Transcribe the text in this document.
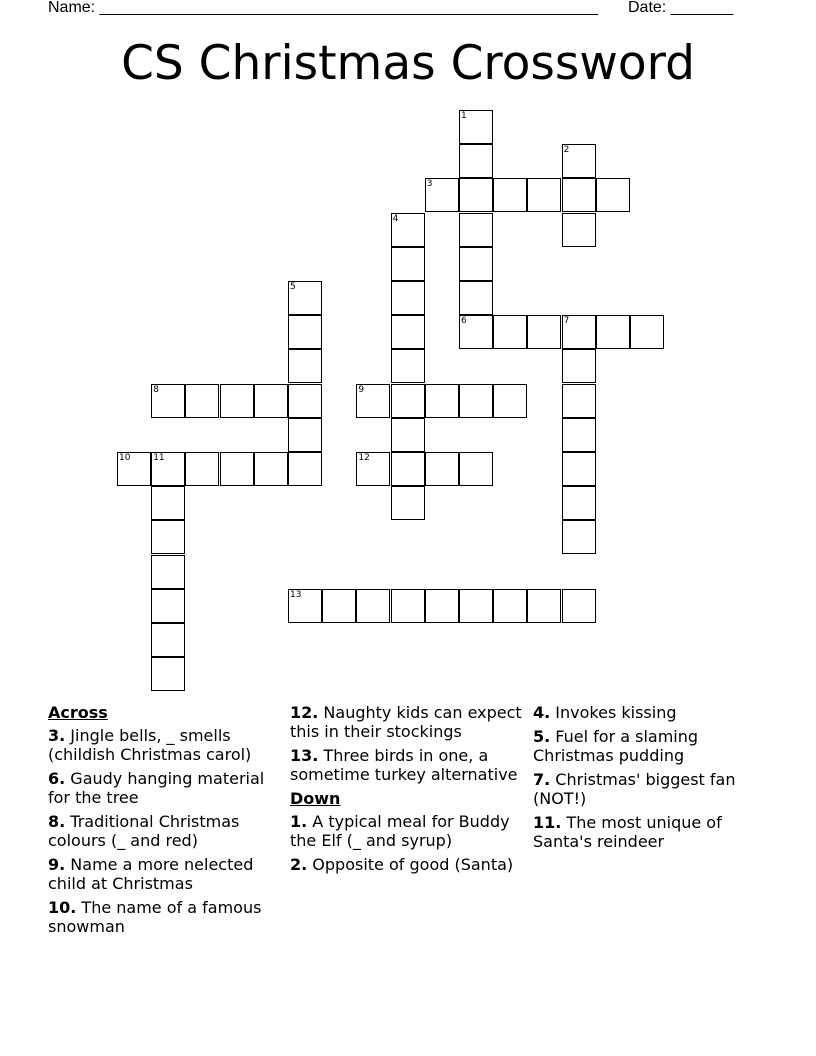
Name: ________________________________________________________ Date: _______
CS Christmas Crossword
1
2
3
4
5
6	7
8	9
10	11	12
13
Across
3. Jingle bells, _ smells (childish Christmas carol)
6. Gaudy hanging material for the tree
8. Traditional Christmas colours (_ and red)
9. Name a more nelected child at Christmas
10. The name of a famous snowman
12. Naughty kids can expect this in their stockings
13. Three birds in one, a sometime turkey alternative
Down
1. A typical meal for Buddy the Elf (_ and syrup)
2. Opposite of good (Santa)
4. Invokes kissing
5. Fuel for a slaming Christmas pudding
7. Christmas' biggest fan (NOT!)
11. The most unique of Santa's reindeer
